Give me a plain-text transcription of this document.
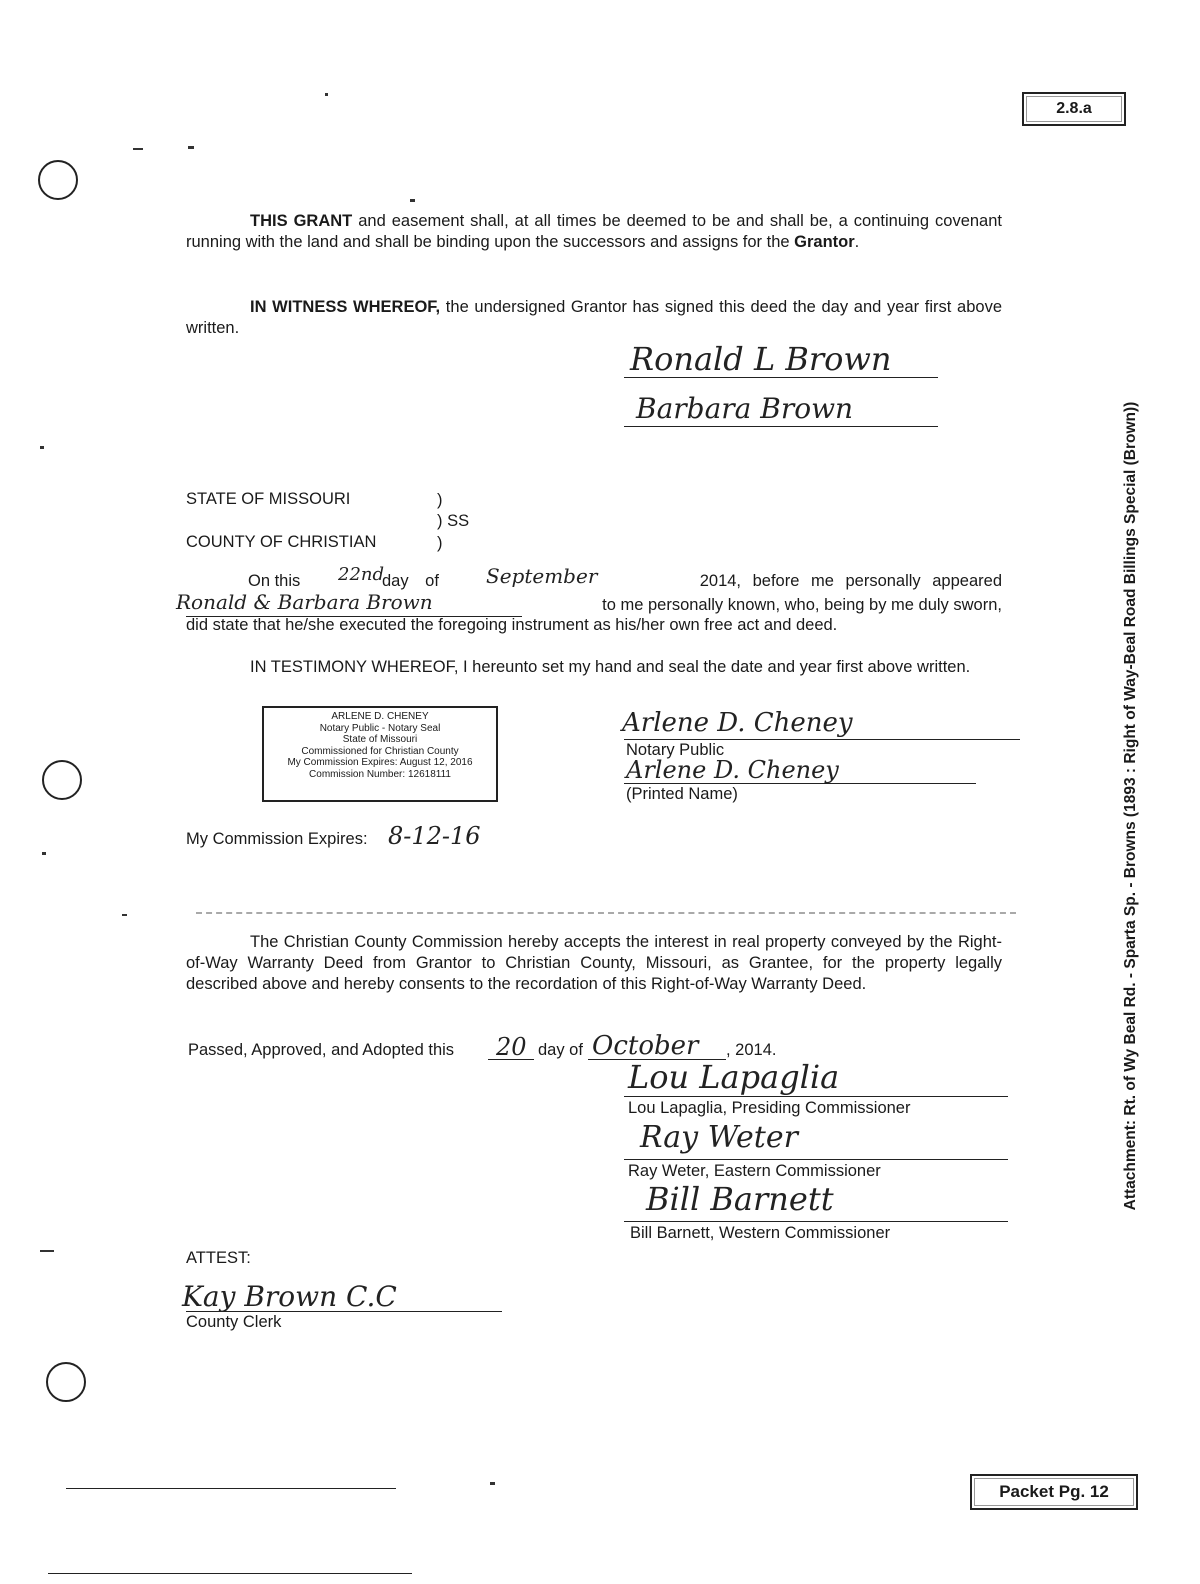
2.8.a
Attachment: Rt. of Wy Beal Rd. - Sparta Sp. - Browns (1893 : Right of Way-Beal Road Billings Special (Brown))
THIS GRANT and easement shall, at all times be deemed to be and shall be, a continuing covenant running with the land and shall be binding upon the successors and assigns for the Grantor.
IN WITNESS WHEREOF, the undersigned Grantor has signed this deed the day and year first above written.
Ronald L Brown
Barbara Brown
STATE OF MISSOURI	)
) SS
COUNTY OF CHRISTIAN	)
On this 22nd
day of September	2014, before me personally appeared
Ronald & Barbara Brown	to me personally known, who, being by me duly sworn,
did state that he/she executed the foregoing instrument as his/her own free act and deed.
IN TESTIMONY WHEREOF, I hereunto set my hand and seal the date and year first above written.
ARLENE D. CHENEY
Notary Public - Notary Seal
State of Missouri
Commissioned for Christian County
My Commission Expires: August 12, 2016
Commission Number: 12618111
Arlene D. Cheney
Notary Public
Arlene D. Cheney
(Printed Name)
My Commission Expires: 8-12-16
The Christian County Commission hereby accepts the interest in real property conveyed by the Right-of-Way Warranty Deed from Grantor to Christian County, Missouri, as Grantee, for the property legally described above and hereby consents to the recordation of this Right-of-Way Warranty Deed.
Passed, Approved, and Adopted this 20 day of October , 2014.
Lou Lapaglia
Lou Lapaglia, Presiding Commissioner
Ray Weter
Ray Weter, Eastern Commissioner
Bill Barnett
Bill Barnett, Western Commissioner
ATTEST:
Kay Brown C.C
County Clerk
Packet Pg. 12
